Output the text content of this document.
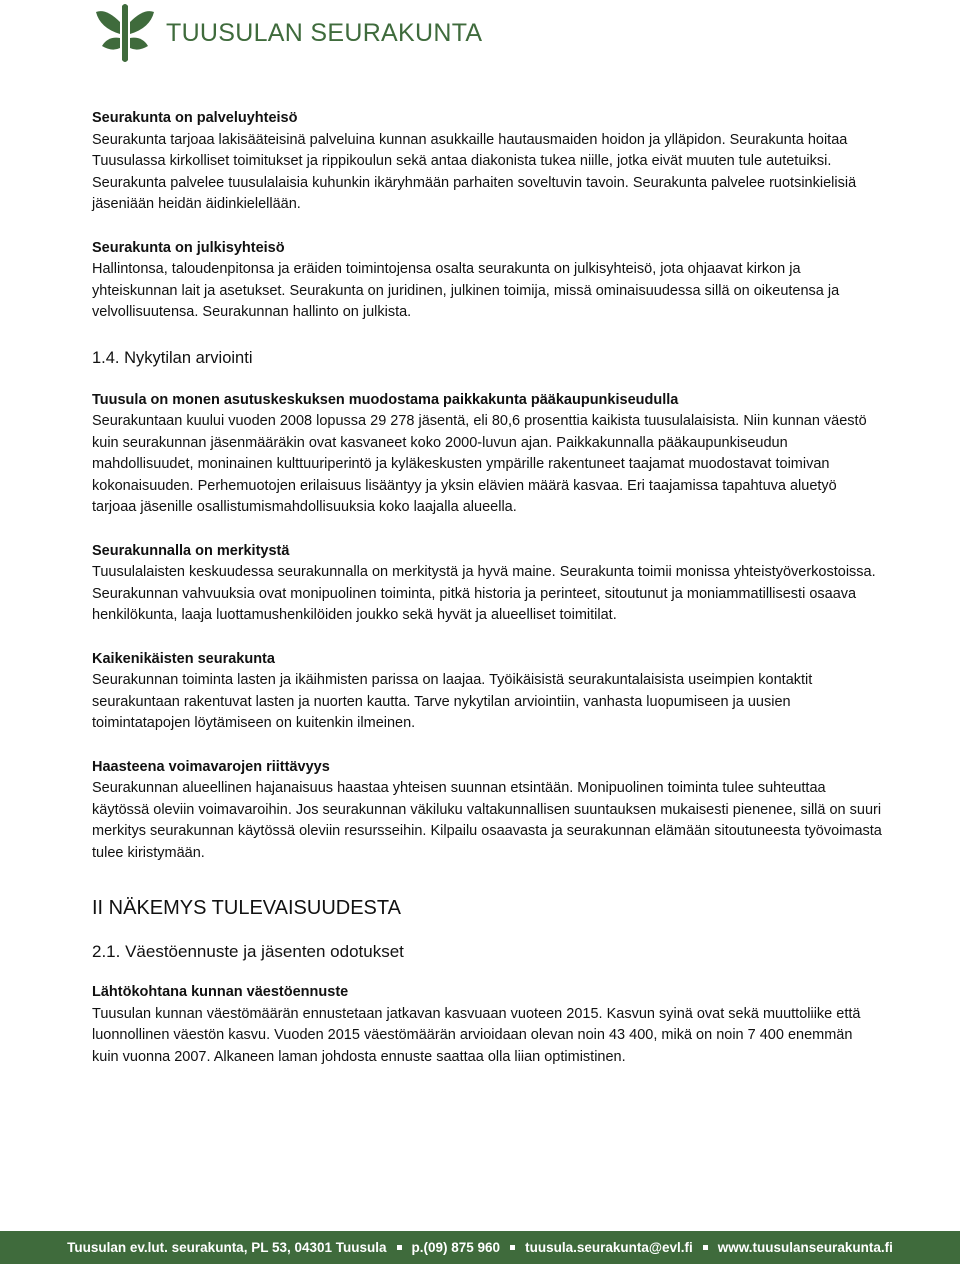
TUUSULAN SEURAKUNTA
Seurakunta on palveluyhteisö
Seurakunta tarjoaa lakisääteisinä palveluina kunnan asukkaille hautausmaiden hoidon ja ylläpidon. Seurakunta hoitaa Tuusulassa kirkolliset toimitukset ja rippikoulun sekä antaa diakonista tukea niille, jotka eivät muuten tule autetuiksi. Seurakunta palvelee tuusulalaisia kuhunkin ikäryhmään parhaiten soveltuvin tavoin. Seurakunta palvelee ruotsinkielisiä jäseniään heidän äidinkielellään.
Seurakunta on julkisyhteisö
Hallintonsa, taloudenpitonsa ja eräiden toimintojensa osalta seurakunta on julkisyhteisö, jota ohjaavat kirkon ja yhteiskunnan lait ja asetukset. Seurakunta on juridinen, julkinen toimija, missä ominaisuudessa sillä on oikeutensa ja velvollisuutensa. Seurakunnan hallinto on julkista.
1.4. Nykytilan arviointi
Tuusula on monen asutuskeskuksen muodostama paikkakunta pääkaupunkiseudulla
Seurakuntaan kuului vuoden 2008 lopussa 29 278 jäsentä, eli 80,6 prosenttia kaikista tuusulalaisista. Niin kunnan väestö kuin seurakunnan jäsenmääräkin ovat kasvaneet koko 2000-luvun ajan. Paikkakunnalla pääkaupunkiseudun mahdollisuudet, moninainen kulttuuriperintö ja kyläkeskusten ympärille rakentuneet taajamat muodostavat toimivan kokonaisuuden. Perhemuotojen erilaisuus lisääntyy ja yksin elävien määrä kasvaa. Eri taajamissa tapahtuva aluetyö tarjoaa jäsenille osallistumismahdollisuuksia koko laajalla alueella.
Seurakunnalla on merkitystä
Tuusulalaisten keskuudessa seurakunnalla on merkitystä ja hyvä maine. Seurakunta toimii monissa yhteistyöverkostoissa. Seurakunnan vahvuuksia ovat monipuolinen toiminta, pitkä historia ja perinteet, sitoutunut ja moniammatillisesti osaava henkilökunta, laaja luottamushenkilöiden joukko sekä hyvät ja alueelliset toimitilat.
Kaikenikäisten seurakunta
Seurakunnan toiminta lasten ja ikäihmisten parissa on laajaa. Työikäisistä seurakuntalaisista useimpien kontaktit seurakuntaan rakentuvat lasten ja nuorten kautta. Tarve nykytilan arviointiin, vanhasta luopumiseen ja uusien toimintatapojen löytämiseen on kuitenkin ilmeinen.
Haasteena voimavarojen riittävyys
Seurakunnan alueellinen hajanaisuus haastaa yhteisen suunnan etsintään. Monipuolinen toiminta tulee suhteuttaa käytössä oleviin voimavaroihin. Jos seurakunnan väkiluku valtakunnallisen suuntauksen mukaisesti pienenee, sillä on suuri merkitys seurakunnan käytössä oleviin resursseihin. Kilpailu osaavasta ja seurakunnan elämään sitoutuneesta työvoimasta tulee kiristymään.
II NÄKEMYS TULEVAISUUDESTA
2.1. Väestöennuste ja jäsenten odotukset
Lähtökohtana kunnan väestöennuste
Tuusulan kunnan väestömäärän ennustetaan jatkavan kasvuaan vuoteen 2015. Kasvun syinä ovat sekä muuttoliike että luonnollinen väestön kasvu. Vuoden 2015 väestömäärän arvioidaan olevan noin 43 400, mikä on noin 7 400 enemmän kuin vuonna 2007. Alkaneen laman johdosta ennuste saattaa olla liian optimistinen.
Tuusulan ev.lut. seurakunta, PL 53, 04301 Tuusula p.(09) 875 960 tuusula.seurakunta@evl.fi www.tuusulanseurakunta.fi
